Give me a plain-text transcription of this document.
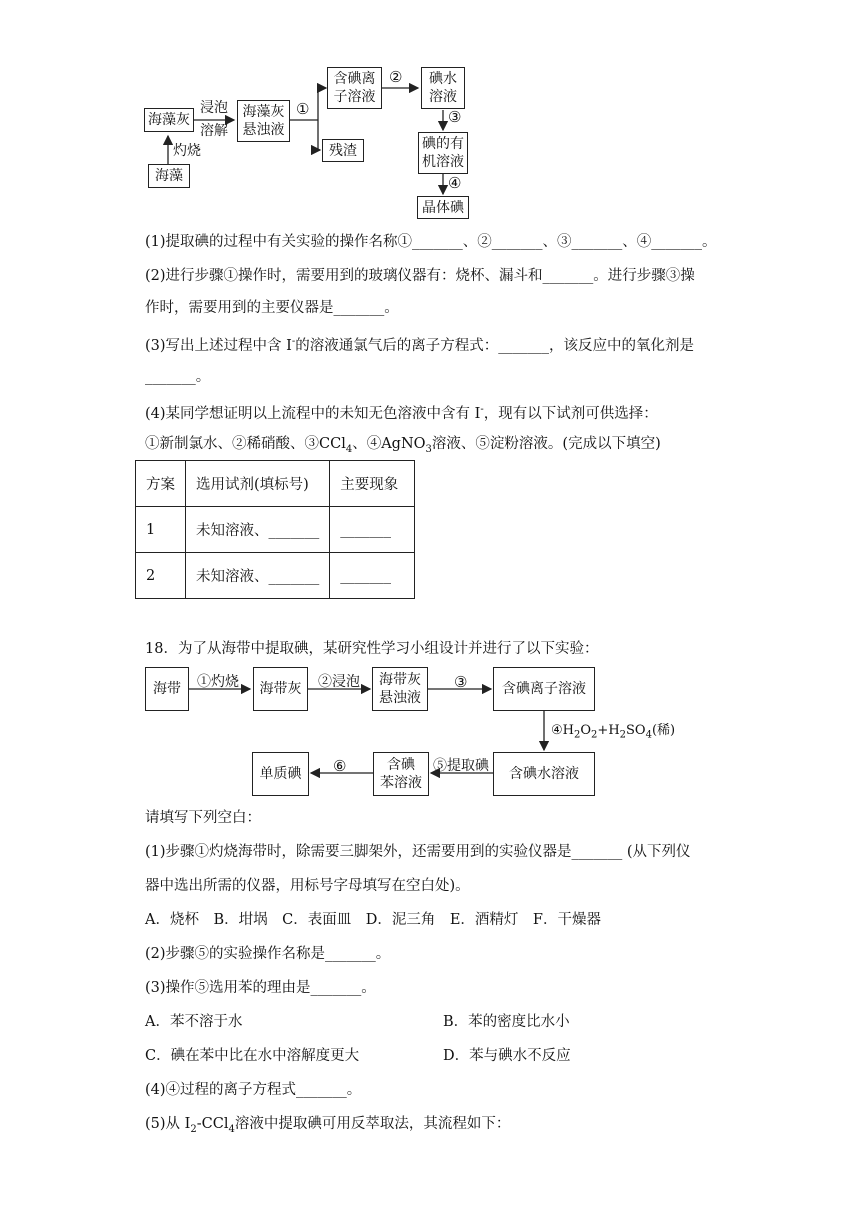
海藻灰
海藻
灼烧
浸泡
溶解
海藻灰
悬浊液
①
含碘离
子溶液
② 碘水
溶液
③
碘的有
机溶液
④
晶体碘
残渣
(1)提取碘的过程中有关实验的操作名称①_______、②_______、③_______、④_______。
(2)进行步骤①操作时，需要用到的玻璃仪器有：烧杯、漏斗和_______。进行步骤③操
作时，需要用到的主要仪器是_______。
(3)写出上述过程中含 I-的溶液通氯气后的离子方程式：_______，该反应中的氧化剂是
_______。
(4)某同学想证明以上流程中的未知无色溶液中含有 I-，现有以下试剂可供选择：
①新制氯水、②稀硝酸、③CCl$_4$、④AgNO$_3$溶液、⑤淀粉溶液。(完成以下填空)
方案	选用试剂(填标号)	主要现象
1	未知溶液、_______	_______
2	未知溶液、_______	_______
18．为了从海带中提取碘，某研究性学习小组设计并进行了以下实验：
海带 ①灼烧 海带灰 ②浸泡 海带灰
悬浊液
③ 含碘离子溶液
$④H_2O_2+H_2SO_4$(稀)
含碘水溶液
⑤提取碘
含碘
苯溶液
⑥
单质碘
请填写下列空白：
(1)步骤①灼烧海带时，除需要三脚架外，还需要用到的实验仪器是_______ (从下列仪
器中选出所需的仪器，用标号字母填写在空白处)。
A．烧杯　B．坩埚　C．表面皿　D．泥三角　E．酒精灯　F．干燥器
(2)步骤⑤的实验操作名称是_______。
(3)操作⑤选用苯的理由是_______。
A．苯不溶于水	B．苯的密度比水小
C．碘在苯中比在水中溶解度更大	D．苯与碘水不反应
(4)④过程的离子方程式_______。
(5)从 $I_2-CCl_4$溶液中提取碘可用反萃取法，其流程如下：
